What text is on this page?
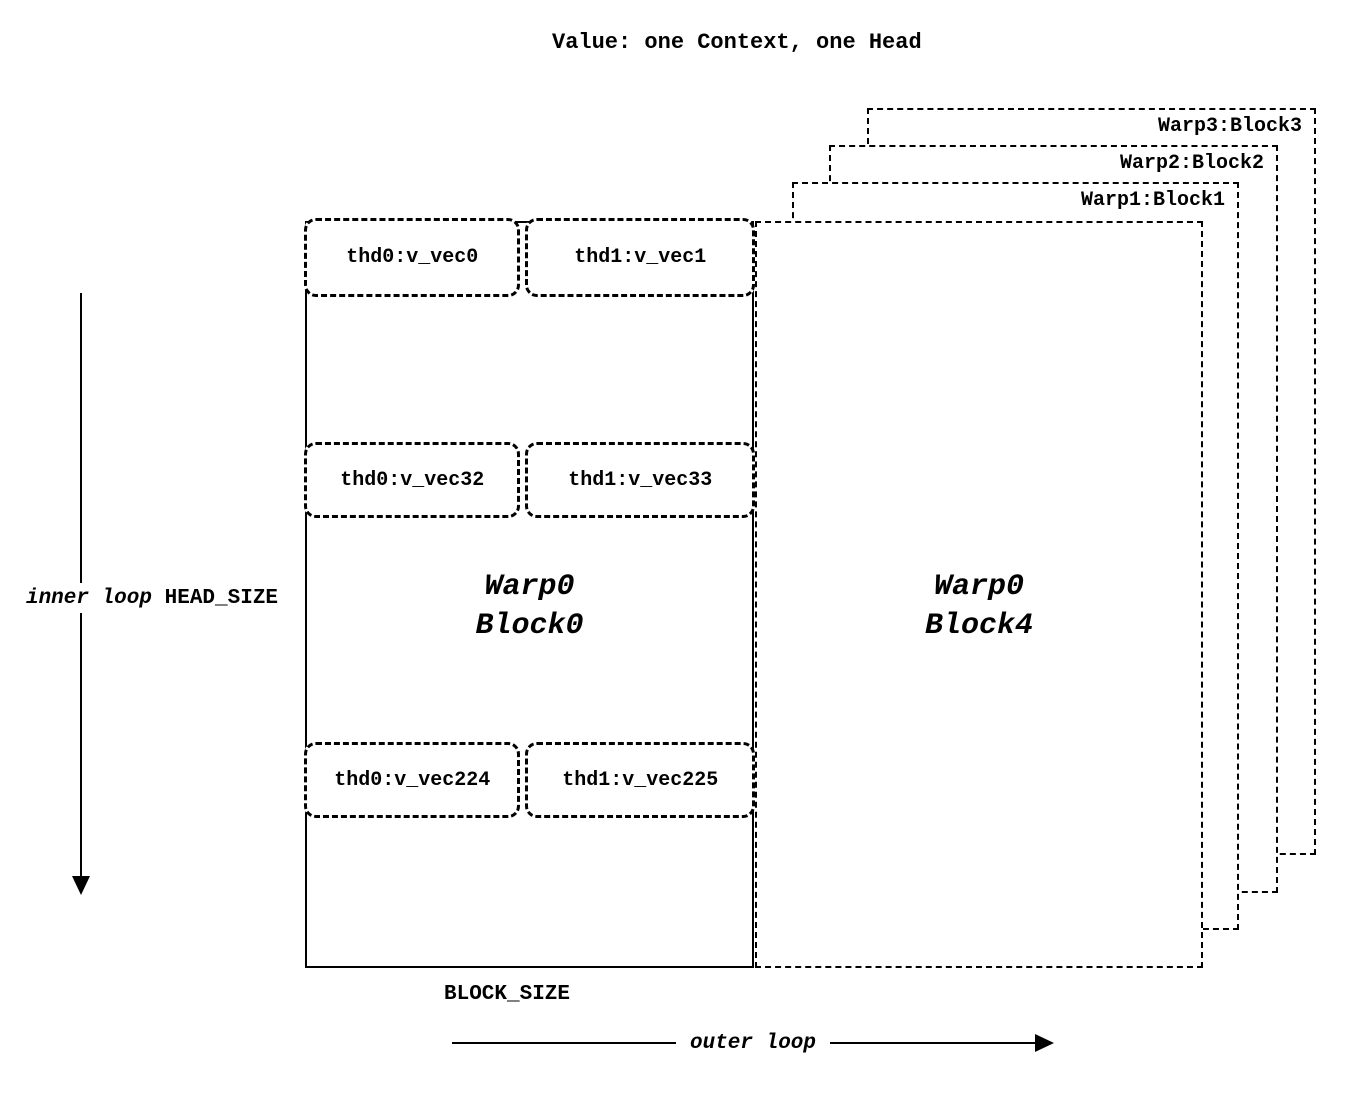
Value: one Context, one Head
Warp3:Block3
Warp2:Block2
Warp1:Block1
Warp0
Block4
Warp0
Block0
thd0:v_vec0	thd1:v_vec1
thd0:v_vec32	thd1:v_vec33
thd0:v_vec224	thd1:v_vec225
inner loop
HEAD_SIZE
BLOCK_SIZE
outer loop
